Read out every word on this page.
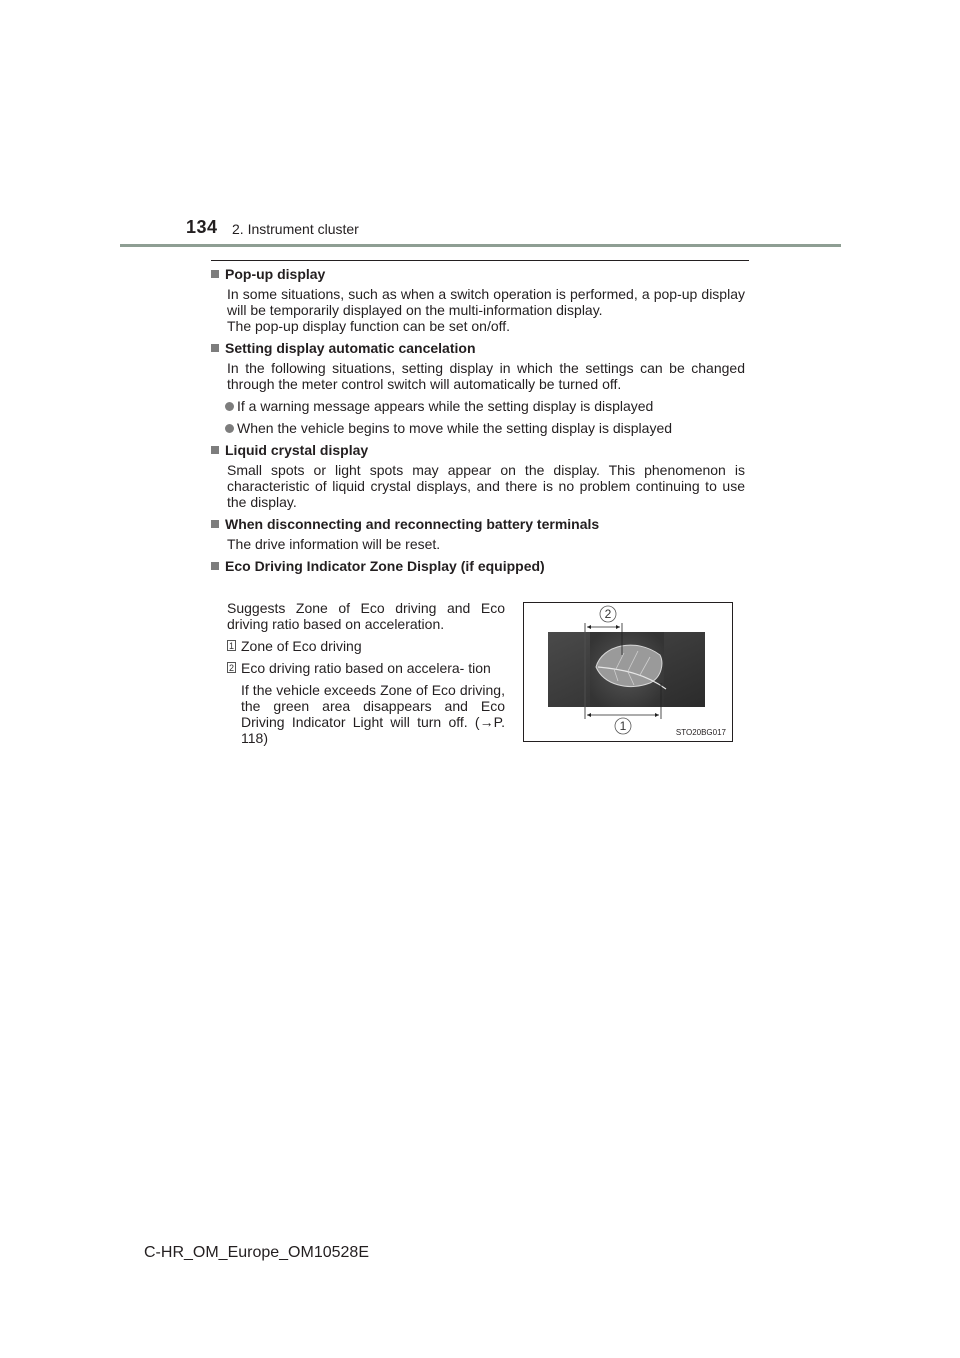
134 2. Instrument cluster

Pop-up display

In some situations, such as when a switch operation is performed, a pop-up display will be temporarily displayed on the multi-information display.

The pop-up display function can be set on/off.

Setting display automatic cancelation

In the following situations, setting display in which the settings can be changed through the meter control switch will automatically be turned off.

If a warning message appears while the setting display is displayed

When the vehicle begins to move while the setting display is displayed

Liquid crystal display

Small spots or light spots may appear on the display. This phenomenon is characteristic of liquid crystal displays, and there is no problem continuing to use the display.

When disconnecting and reconnecting battery terminals

The drive information will be reset.

Eco Driving Indicator Zone Display (if equipped)

Suggests Zone of Eco driving and Eco driving ratio based on acceleration.

1 Zone of Eco driving

2 Eco driving ratio based on accelera- tion

If the vehicle exceeds Zone of Eco driving, the green area disappears and Eco Driving Indicator Light will turn off. (→P. 118)

2
1	STO20BG017
C-HR_OM_Europe_OM10528E
